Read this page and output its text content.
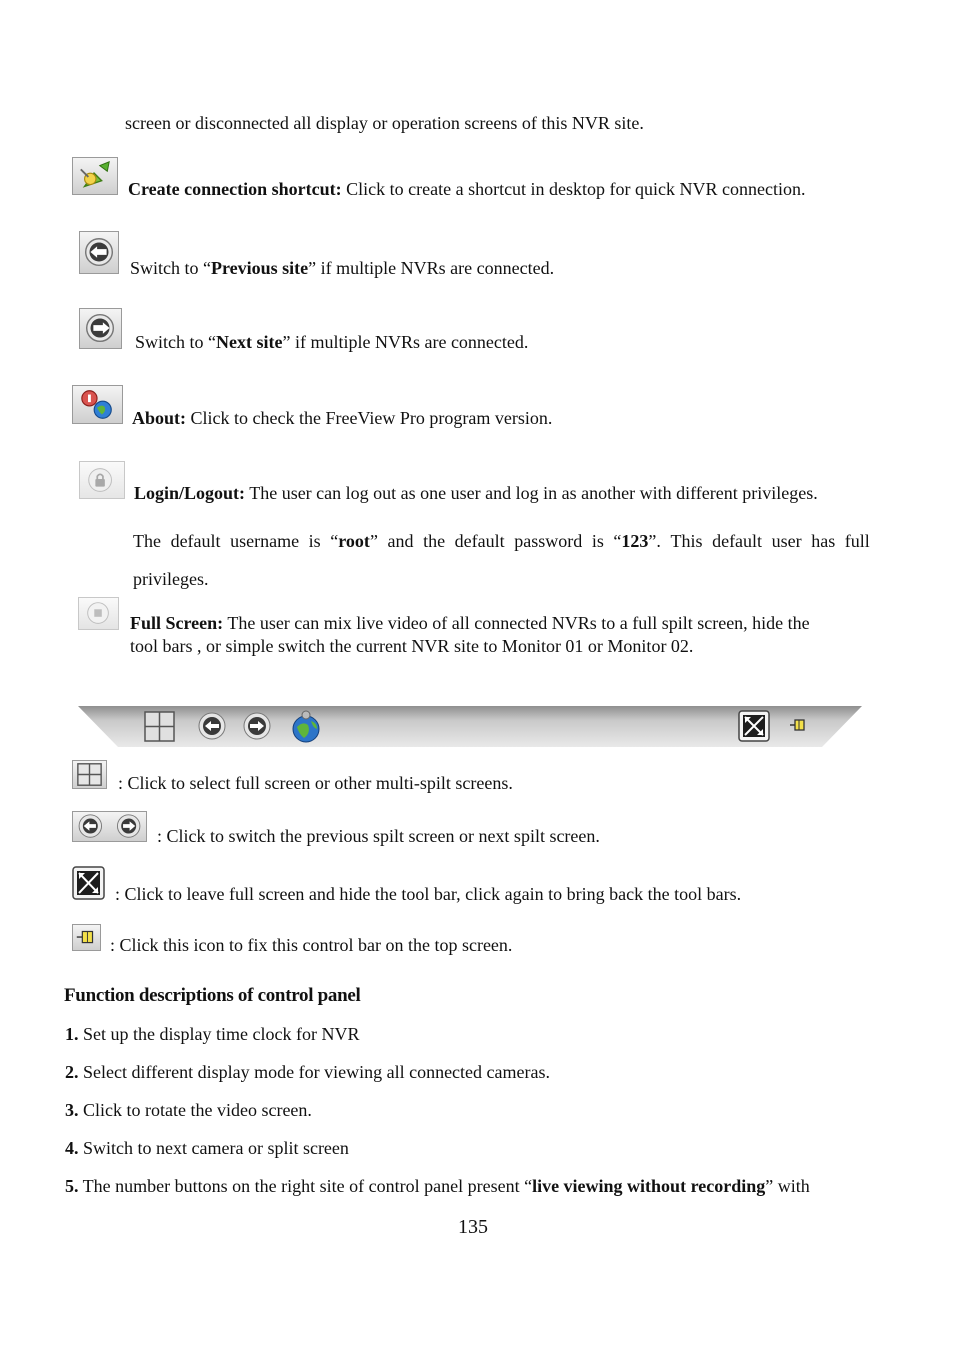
screen or disconnected all display or operation screens of this NVR site.
Create connection shortcut: Click to create a shortcut in desktop for quick NVR connection.
Switch to “Previous site” if multiple NVRs are connected.
Switch to “Next site” if multiple NVRs are connected.
About: Click to check the FreeView Pro program version.
Login/Logout: The user can log out as one user and log in as another with different privileges.
The default username is “root” and the default password is “123”. This default user has full
privileges.
Full Screen: The user can mix live video of all connected NVRs to a full spilt screen, hide the
tool bars , or simple switch the current NVR site to Monitor 01 or Monitor 02.
: Click to select full screen or other multi-spilt screens.
: Click to switch the previous spilt screen or next spilt screen.
: Click to leave full screen and hide the tool bar, click again to bring back the tool bars.
: Click this icon to fix this control bar on the top screen.
Function descriptions of control panel
1. Set up the display time clock for NVR
2. Select different display mode for viewing all connected cameras.
3. Click to rotate the video screen.
4. Switch to next camera or split screen
5. The number buttons on the right site of control panel present “live viewing without recording” with
135
